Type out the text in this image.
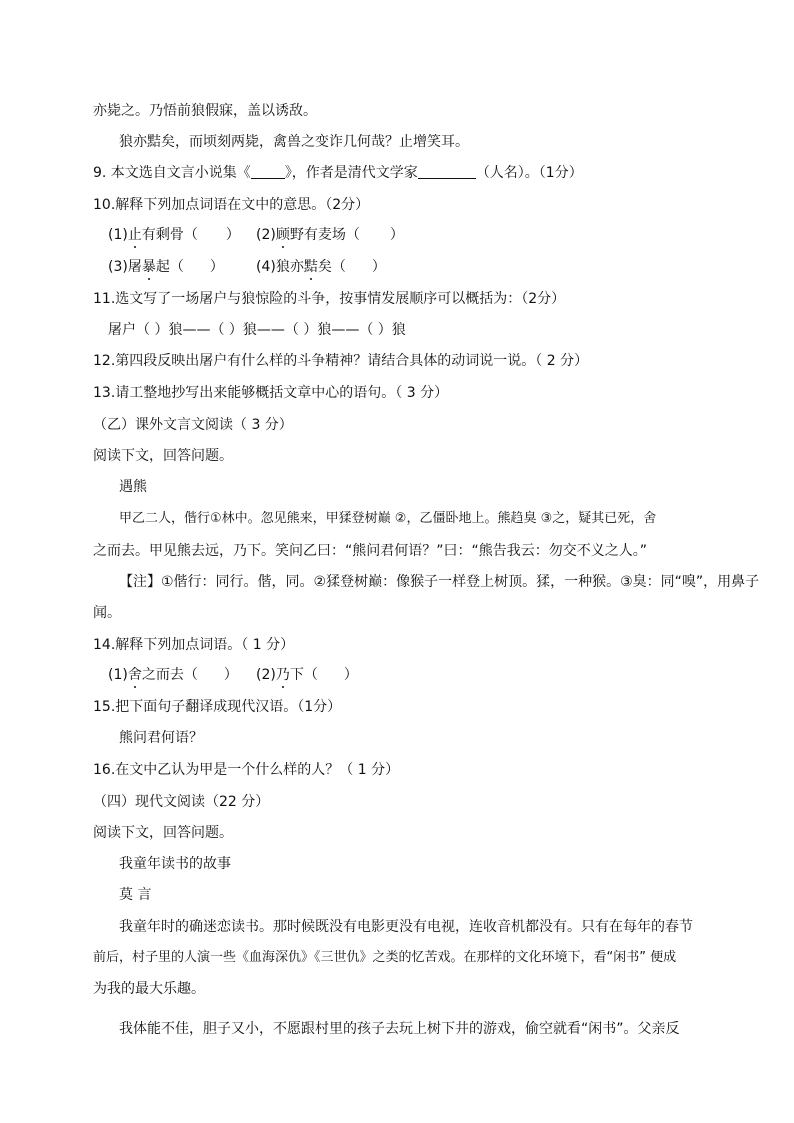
亦毙之。乃悟前狼假寐，盖以诱敌。
狼亦黠矣，而顷刻两毙，禽兽之变诈几何哉？止增笑耳。
9. 本文选自文言小说集《 》，作者是清代文学家	（人名）。（1分）
10.解释下列加点词语在文中的意思。（2分）
(1)止有剩骨（ ） (2)顾野有麦场（ ）
(3)屠暴起（ ） (4)狼亦黠矣（ ）
11.选文写了一场屠户与狼惊险的斗争，按事情发展顺序可以概括为：（2分）
屠户（ ）狼——（ ）狼——（ ）狼——（ ）狼
12.第四段反映出屠户有什么样的斗争精神？请结合具体的动词说一说。（ 2 分）
13.请工整地抄写出来能够概括文章中心的语句。（ 3 分）
（乙）课外文言文阅读（ 3 分）
阅读下文，回答问题。
遇熊
甲乙二人，偕行①林中。忽见熊来，甲猱登树巅 ②，乙僵卧地上。熊趋臭 ③之，疑其已死，舍
之而去。甲见熊去远，乃下。笑问乙曰：“熊问君何语？”曰：“熊告我云：勿交不义之人。”
【注】①偕行：同行。偕，同。②猱登树巅：像猴子一样登上树顶。猱，一种猴。③臭：同“嗅”，用鼻子
闻。
14.解释下列加点词语。（ 1 分）
(1)舍之而去（ ） (2)乃下（ ）
15.把下面句子翻译成现代汉语。（1分）
熊问君何语？
16.在文中乙认为甲是一个什么样的人？（ 1 分）
（四）现代文阅读（22 分）
阅读下文，回答问题。
我童年读书的故事
莫 言
我童年时的确迷恋读书。那时候既没有电影更没有电视，连收音机都没有。只有在每年的春节
前后，村子里的人演一些《血海深仇》《三世仇》之类的忆苦戏。在那样的文化环境下，看“闲书” 便成
为我的最大乐趣。
我体能不佳，胆子又小，不愿跟村里的孩子去玩上树下井的游戏，偷空就看“闲书”。父亲反
